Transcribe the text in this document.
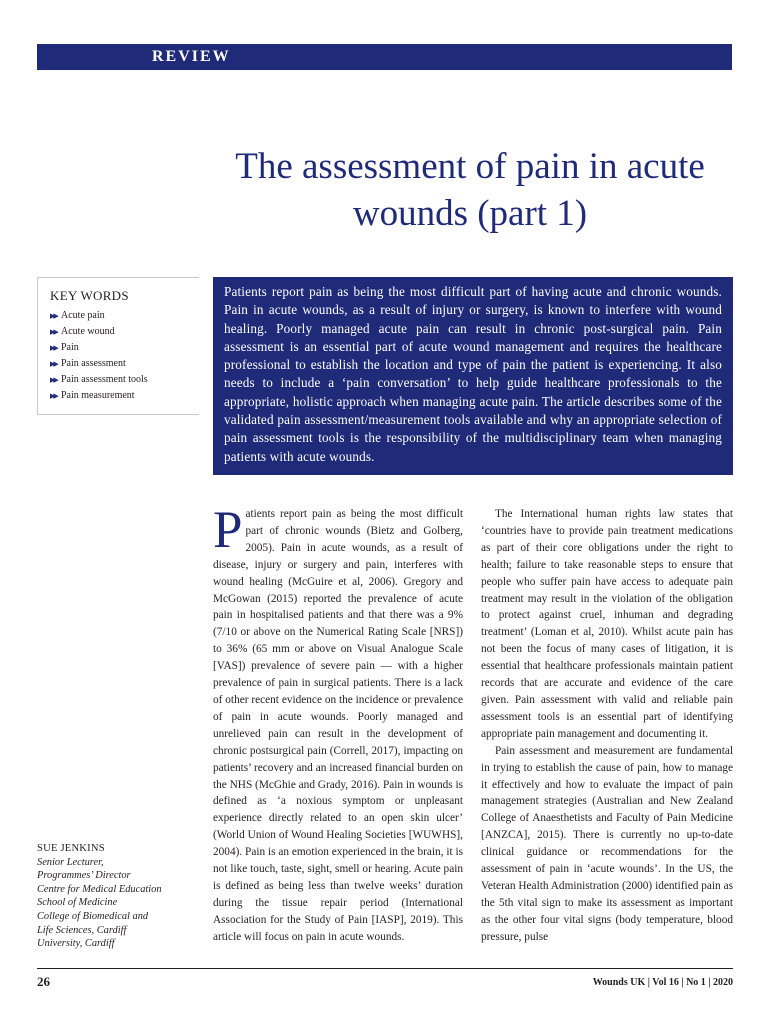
REVIEW
The assessment of pain in acute wounds (part 1)
KEY WORDS
▶▶ Acute pain
▶▶ Acute wound
▶▶ Pain
▶▶ Pain assessment
▶▶ Pain assessment tools
▶▶ Pain measurement
Patients report pain as being the most difficult part of having acute and chronic wounds. Pain in acute wounds, as a result of injury or surgery, is known to interfere with wound healing. Poorly managed acute pain can result in chronic post-surgical pain. Pain assessment is an essential part of acute wound management and requires the healthcare professional to establish the location and type of pain the patient is experiencing. It also needs to include a ‘pain conversation’ to help guide healthcare professionals to the appropriate, holistic approach when managing acute pain. The article describes some of the validated pain assessment/measurement tools available and why an appropriate selection of pain assessment tools is the responsibility of the multidisciplinary team when managing patients with acute wounds.
P atients report pain as being the most difficult part of chronic wounds (Bietz and Golberg, 2005). Pain in acute wounds, as a result of disease, injury or surgery and pain, interferes with wound healing (McGuire et al, 2006). Gregory and McGowan (2015) reported the prevalence of acute pain in hospitalised patients and that there was a 9% (7/10 or above on the Numerical Rating Scale [NRS]) to 36% (65 mm or above on Visual Analogue Scale [VAS]) prevalence of severe pain — with a higher prevalence of pain in surgical patients. There is a lack of other recent evidence on the incidence or prevalence of pain in acute wounds. Poorly managed and unrelieved pain can result in the development of chronic postsurgical pain (Correll, 2017), impacting on patients’ recovery and an increased financial burden on the NHS (McGhie and Grady, 2016). Pain in wounds is defined as ‘a noxious symptom or unpleasant experience directly related to an open skin ulcer’ (World Union of Wound Healing Societies [WUWHS], 2004). Pain is an emotion experienced in the brain, it is not like touch, taste, sight, smell or hearing. Acute pain is defined as being less than twelve weeks’ duration during the tissue repair period (International Association for the Study of Pain [IASP], 2019). This article will focus on pain in acute wounds.

The International human rights law states that ‘countries have to provide pain treatment medications as part of their core obligations under the right to health; failure to take reasonable steps to ensure that people who suffer pain have access to adequate pain treatment may result in the violation of the obligation to protect against cruel, inhuman and degrading treatment’ (Loman et al, 2010). Whilst acute pain has not been the focus of many cases of litigation, it is essential that healthcare professionals maintain patient records that are accurate and evidence of the care given. Pain assessment with valid and reliable pain assessment tools is an essential part of identifying appropriate pain management and documenting it.

Pain assessment and measurement are fundamental in trying to establish the cause of pain, how to manage it effectively and how to evaluate the impact of pain management strategies (Australian and New Zealand College of Anaesthetists and Faculty of Pain Medicine [ANZCA], 2015). There is currently no up-to-date clinical guidance or recommendations for the assessment of pain in ‘acute wounds’. In the US, the Veteran Health Administration (2000) identified pain as the 5th vital sign to make its assessment as important as the other four vital signs (body temperature, blood pressure, pulse

SUE JENKINS
Senior Lecturer,
Programmes’ Director
Centre for Medical Education
School of Medicine
College of Biomedical and
Life Sciences, Cardiff
University, Cardiff
26	Wounds UK | Vol 16 | No 1 | 2020
